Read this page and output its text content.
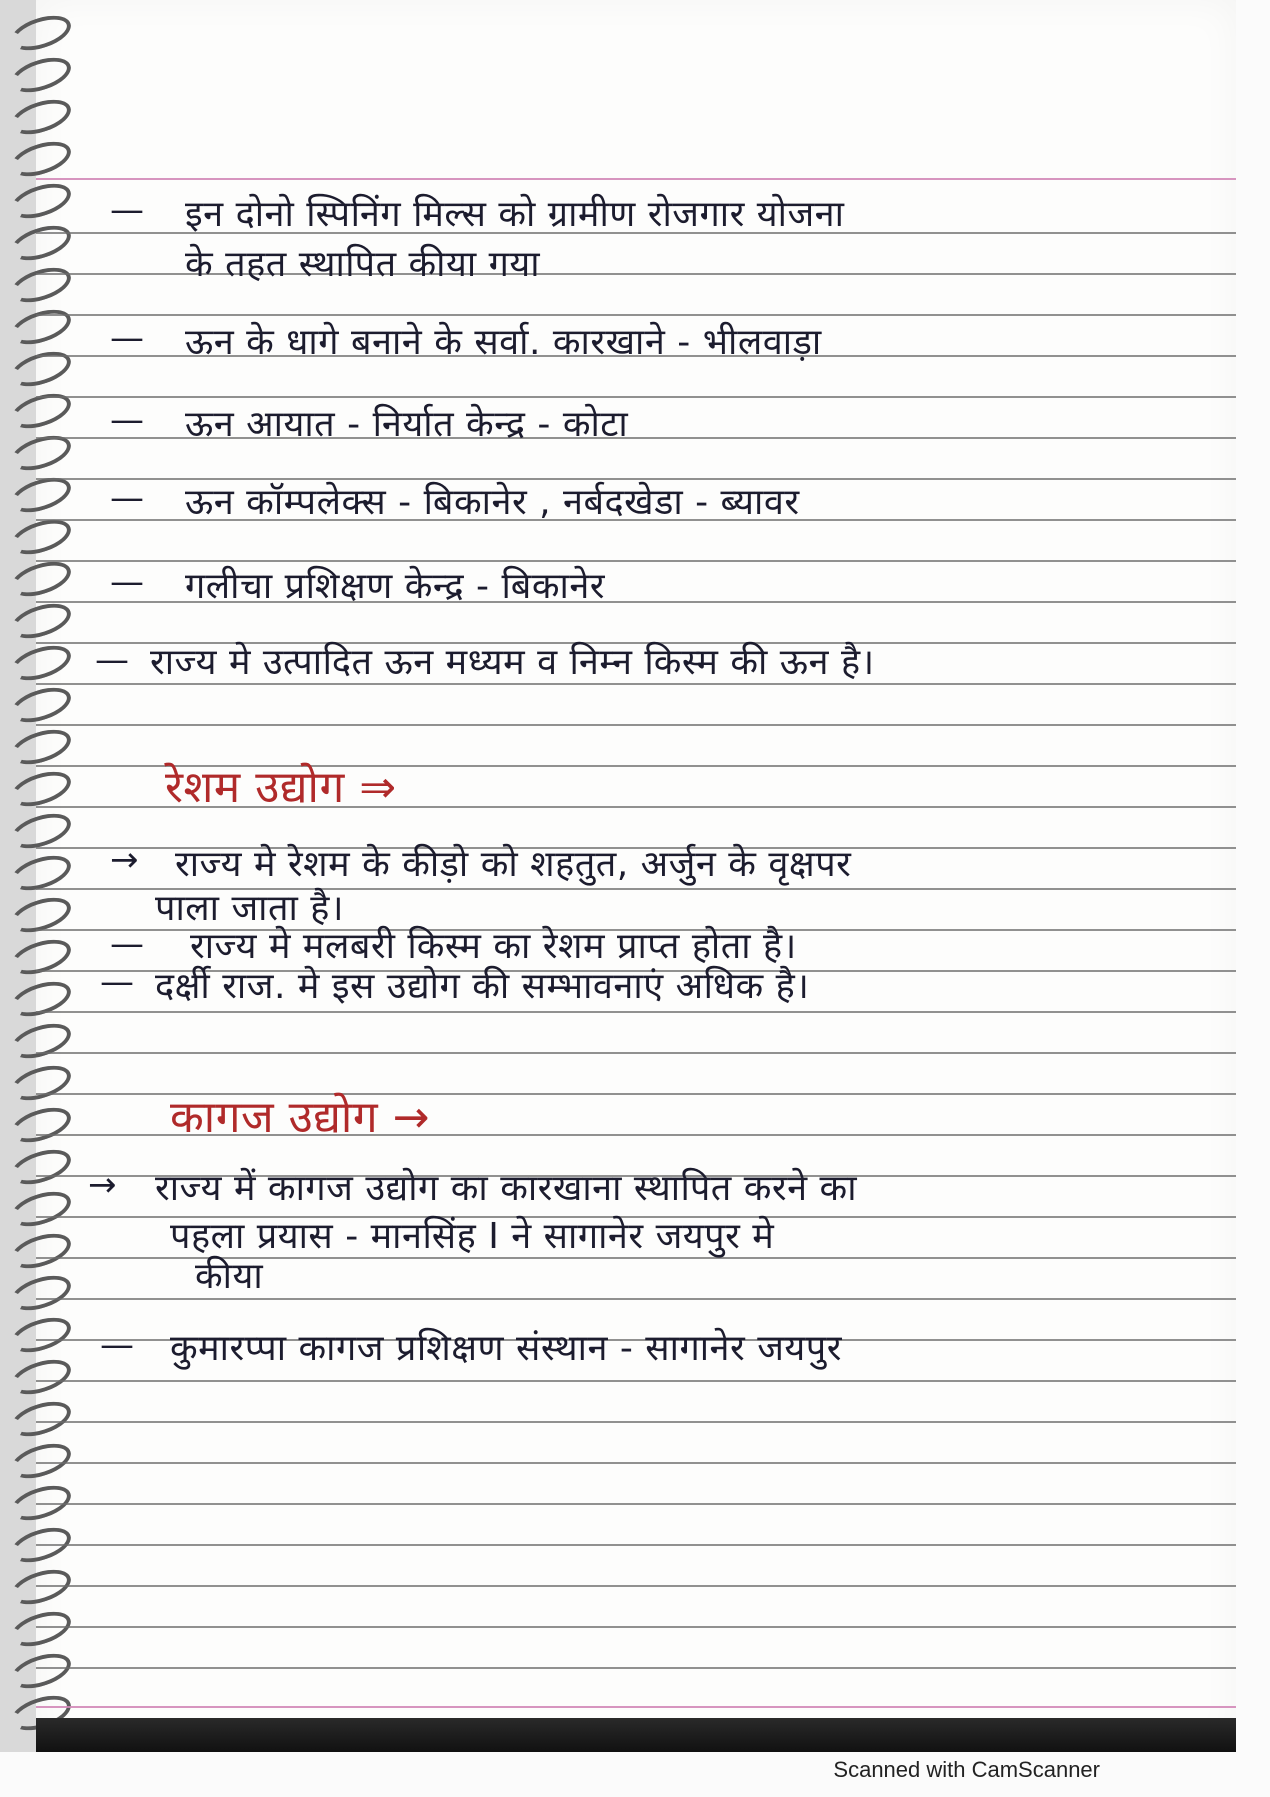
—
—
—
—
—
—
→
—
—
→
—
इन दोनो स्पिनिंग मिल्स को ग्रामीण रोजगार योजना
के तहत स्थापित कीया गया
ऊन के धागे बनाने के सर्वा. कारखाने - भीलवाड़ा
ऊन आयात - निर्यात केन्द्र - कोटा
ऊन कॉम्पलेक्स - बिकानेर , नर्बदखेडा - ब्यावर
गलीचा प्रशिक्षण केन्द्र - बिकानेर
राज्य मे उत्पादित ऊन मध्यम व निम्न किस्म की ऊन है।
रेशम उद्योग ⇒
राज्य मे रेशम के कीड़ो को शहतुत, अर्जुन के वृक्षपर
पाला जाता है।
राज्य मे मलबरी किस्म का रेशम प्राप्त होता है।
दर्क्षी राज. मे इस उद्योग की सम्भावनाएं अधिक है।
कागज उद्योग →
राज्य में कागज उद्योग का कारखाना स्थापित करने का
पहला प्रयास - मानसिंह I ने सागानेर जयपुर मे
कीया
कुमारप्पा कागज प्रशिक्षण संस्थान - सागानेर जयपुर
Scanned with CamScanner
